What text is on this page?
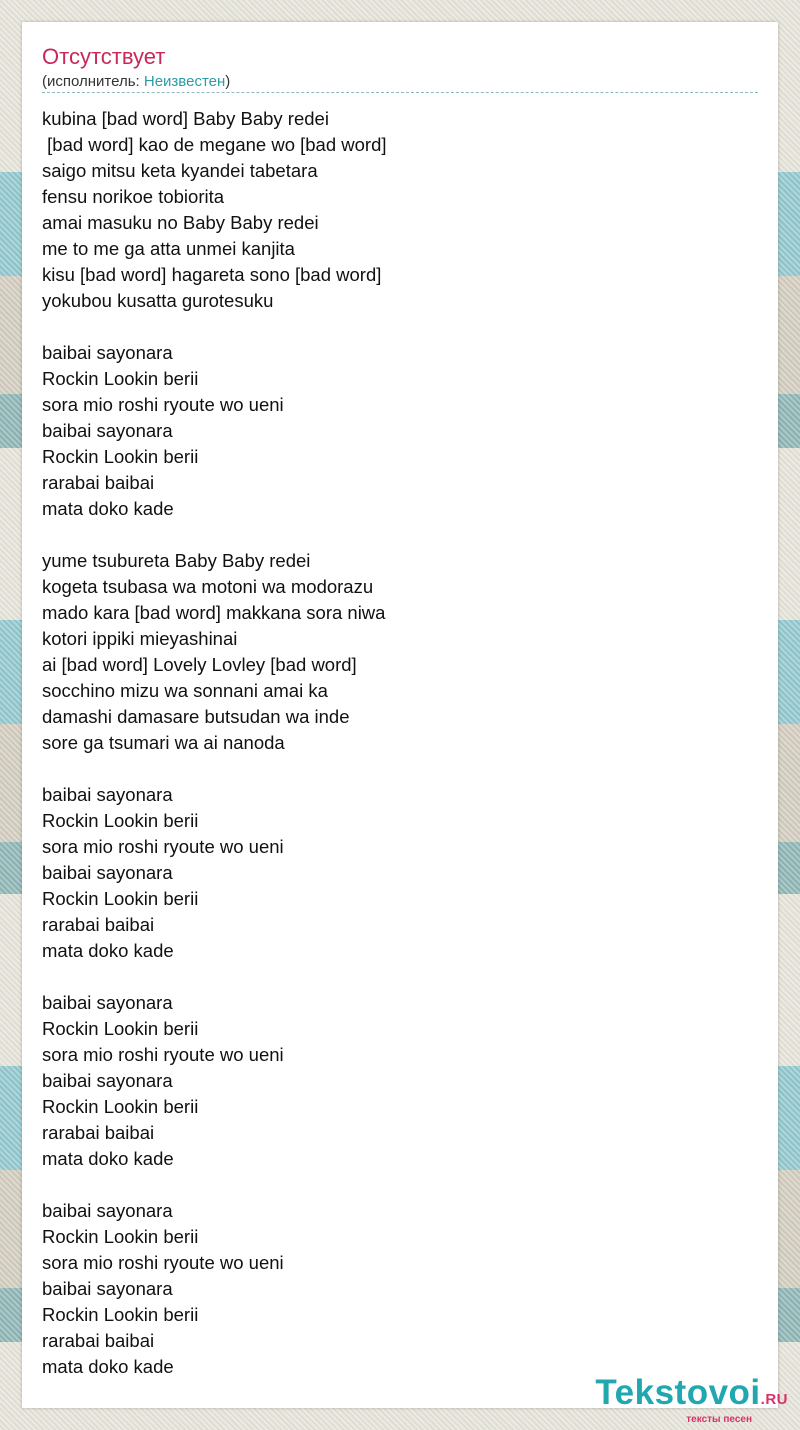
Отсутствует
(исполнитель: Неизвестен)
kubina [bad word] Baby Baby redei
[bad word] kao de megane wo [bad word]
saigo mitsu keta kyandei tabetara
fensu norikoe tobiorita
amai masuku no Baby Baby redei
me to me ga atta unmei kanjita
kisu [bad word] hagareta sono [bad word]
yokubou kusatta gurotesuku

baibai sayonara
Rockin Lookin berii
sora mio roshi ryoute wo ueni
baibai sayonara
Rockin Lookin berii
rarabai baibai
mata doko kade

yume tsubureta Baby Baby redei
kogeta tsubasa wa motoni wa modorazu
mado kara [bad word] makkana sora niwa
kotori ippiki mieyashinai
ai [bad word] Lovely Lovley [bad word]
socchino mizu wa sonnani amai ka
damashi damasare butsudan wa inde
sore ga tsumari wa ai nanoda

baibai sayonara
Rockin Lookin berii
sora mio roshi ryoute wo ueni
baibai sayonara
Rockin Lookin berii
rarabai baibai
mata doko kade

baibai sayonara
Rockin Lookin berii
sora mio roshi ryoute wo ueni
baibai sayonara
Rockin Lookin berii
rarabai baibai
mata doko kade

baibai sayonara
Rockin Lookin berii
sora mio roshi ryoute wo ueni
baibai sayonara
Rockin Lookin berii
rarabai baibai
mata doko kade
Tekstovoi.RU
тексты песен
